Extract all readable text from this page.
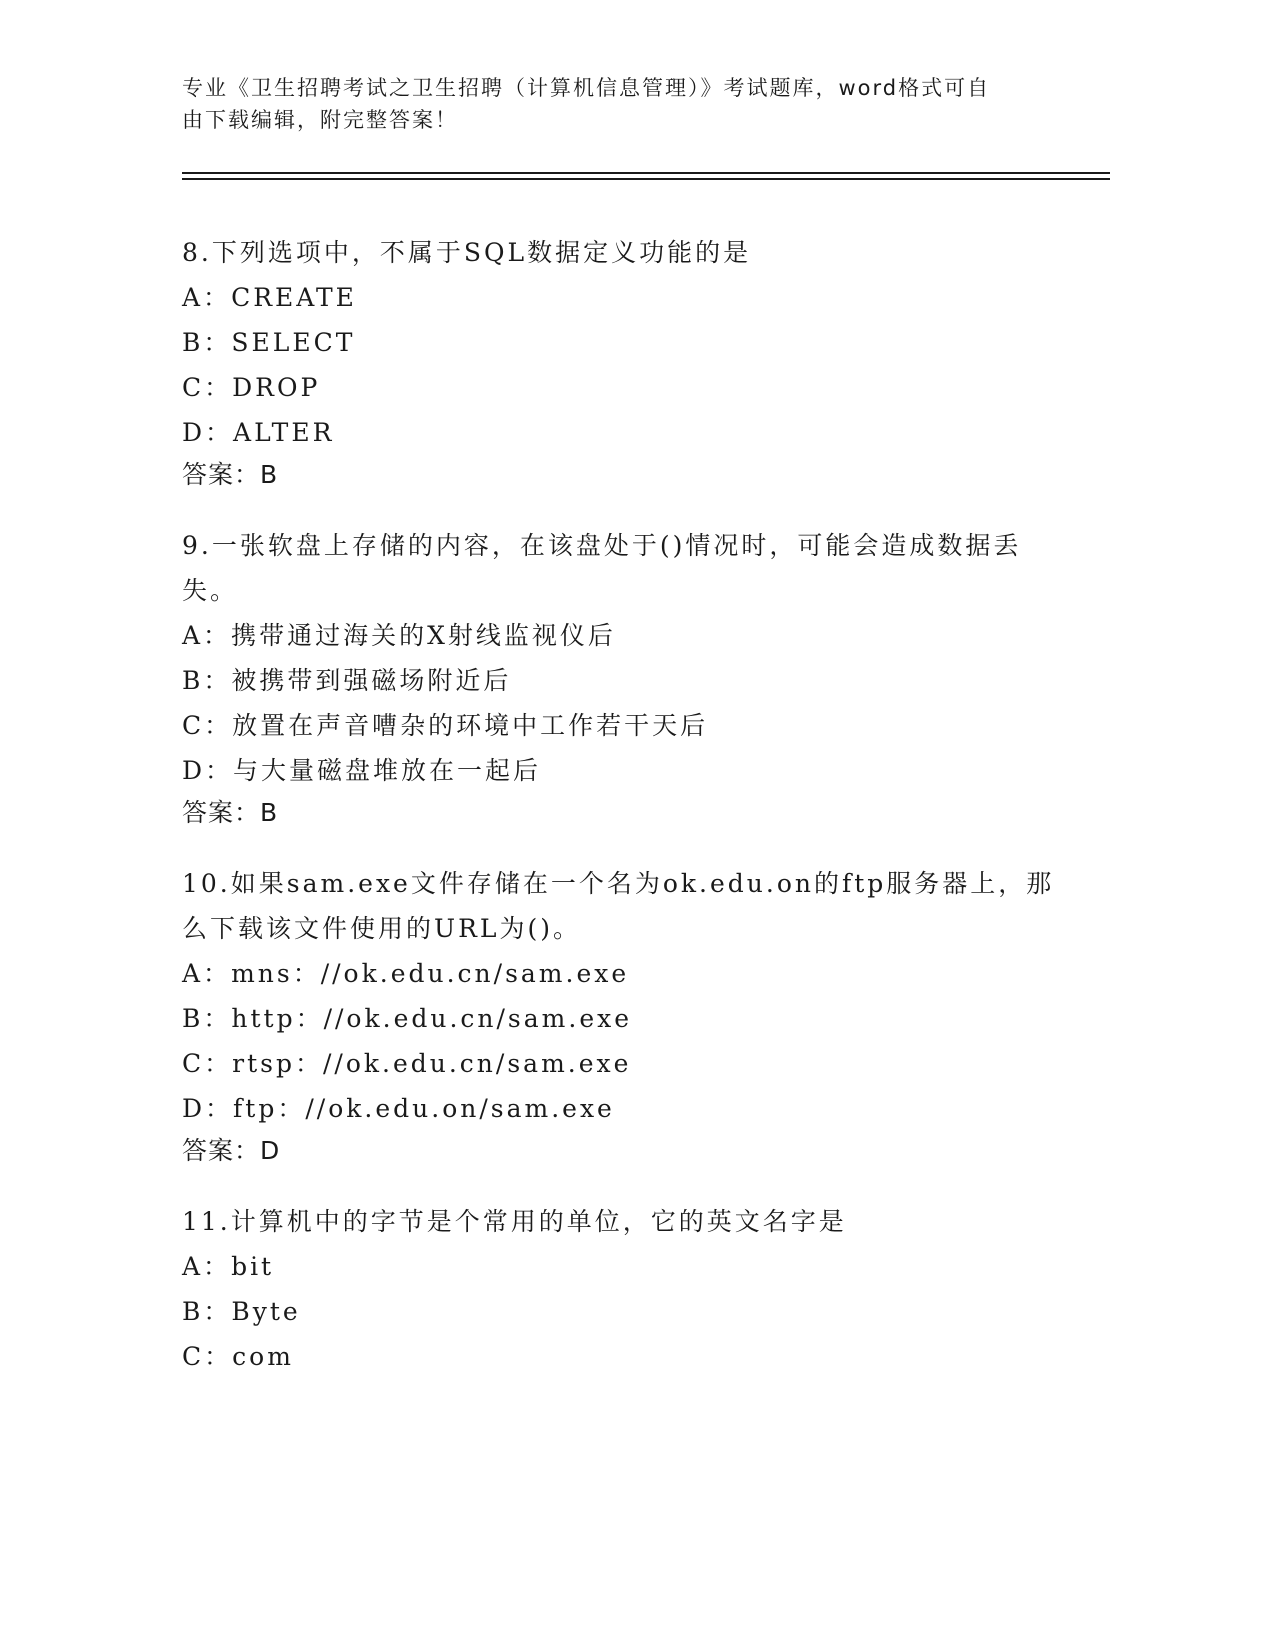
专业《卫生招聘考试之卫生招聘（计算机信息管理）》考试题库，word格式可自
由下载编辑，附完整答案！
8.下列选项中，不属于SQL数据定义功能的是
A：CREATE
B：SELECT
C：DROP
D：ALTER
答案：B
9.一张软盘上存储的内容，在该盘处于()情况时，可能会造成数据丢失。
A：携带通过海关的X射线监视仪后
B：被携带到强磁场附近后
C：放置在声音嘈杂的环境中工作若干天后
D：与大量磁盘堆放在一起后
答案：B
10.如果sam.exe文件存储在一个名为ok.edu.on的ftp服务器上，那么下载该文件使用的URL为()。
A：mns：//ok.edu.cn/sam.exe
B：http：//ok.edu.cn/sam.exe
C：rtsp：//ok.edu.cn/sam.exe
D：ftp：//ok.edu.on/sam.exe
答案：D
11.计算机中的字节是个常用的单位，它的英文名字是
A：bit
B：Byte
C：com
